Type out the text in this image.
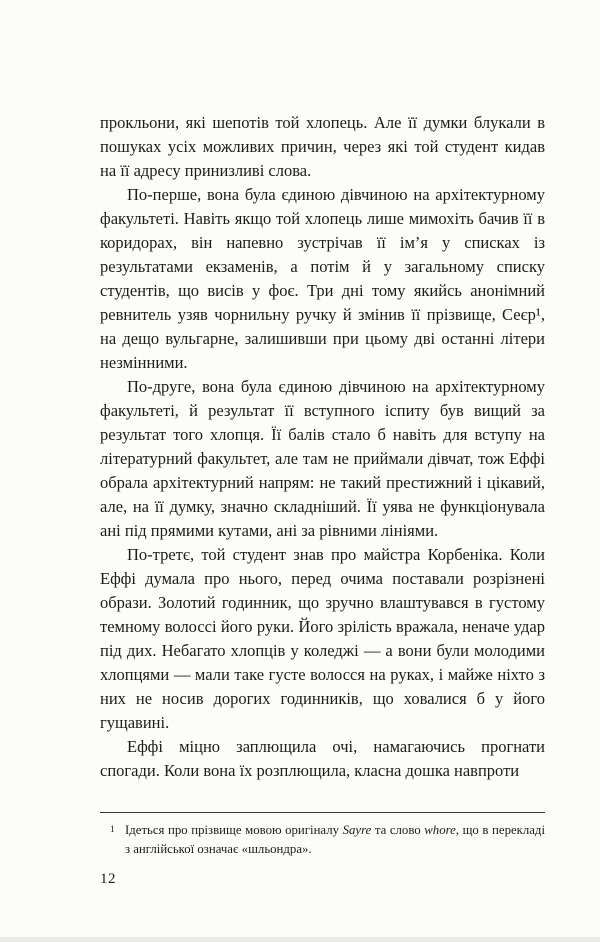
прокльони, які шепотів той хлопець. Але її думки блукали в пошуках усіх можливих причин, через які той студент кидав на її адресу принизливі слова.

По-перше, вона була єдиною дівчиною на архітектурному факультеті. Навіть якщо той хлопець лише мимохіть бачив її в коридорах, він напевно зустрічав її ім’я у списках із результатами екзаменів, а потім й у загальному списку студентів, що висів у фоє. Три дні тому якийсь анонімний ревнитель узяв чорнильну ручку й змінив її прізвище, Сеєр¹, на дещо вульгарне, залишивши при цьому дві останні літери незмінними.

По-друге, вона була єдиною дівчиною на архітектурному факультеті, й результат її вступного іспиту був вищий за результат того хлопця. Її балів стало б навіть для вступу на літературний факультет, але там не приймали дівчат, тож Еффі обрала архітектурний напрям: не такий престижний і цікавий, але, на її думку, значно складніший. Її уява не функціонувала ані під прямими кутами, ані за рівними лініями.

По-третє, той студент знав про майстра Корбеніка. Коли Еффі думала про нього, перед очима поставали розрізнені образи. Золотий годинник, що зручно влаштувався в густому темному волоссі його руки. Його зрілість вражала, неначе удар під дих. Небагато хлопців у коледжі — а вони були молодими хлопцями — мали таке густе волосся на руках, і майже ніхто з них не носив дорогих годинників, що ховалися б у його гущавині.

Еффі міцно заплющила очі, намагаючись прогнати спогади. Коли вона їх розплющила, класна дошка навпроти

$^1$ Ідеться про прізвище мовою оригіналу Sayre та слово whore, що в перекладі з англійської означає «шльондра».
12
